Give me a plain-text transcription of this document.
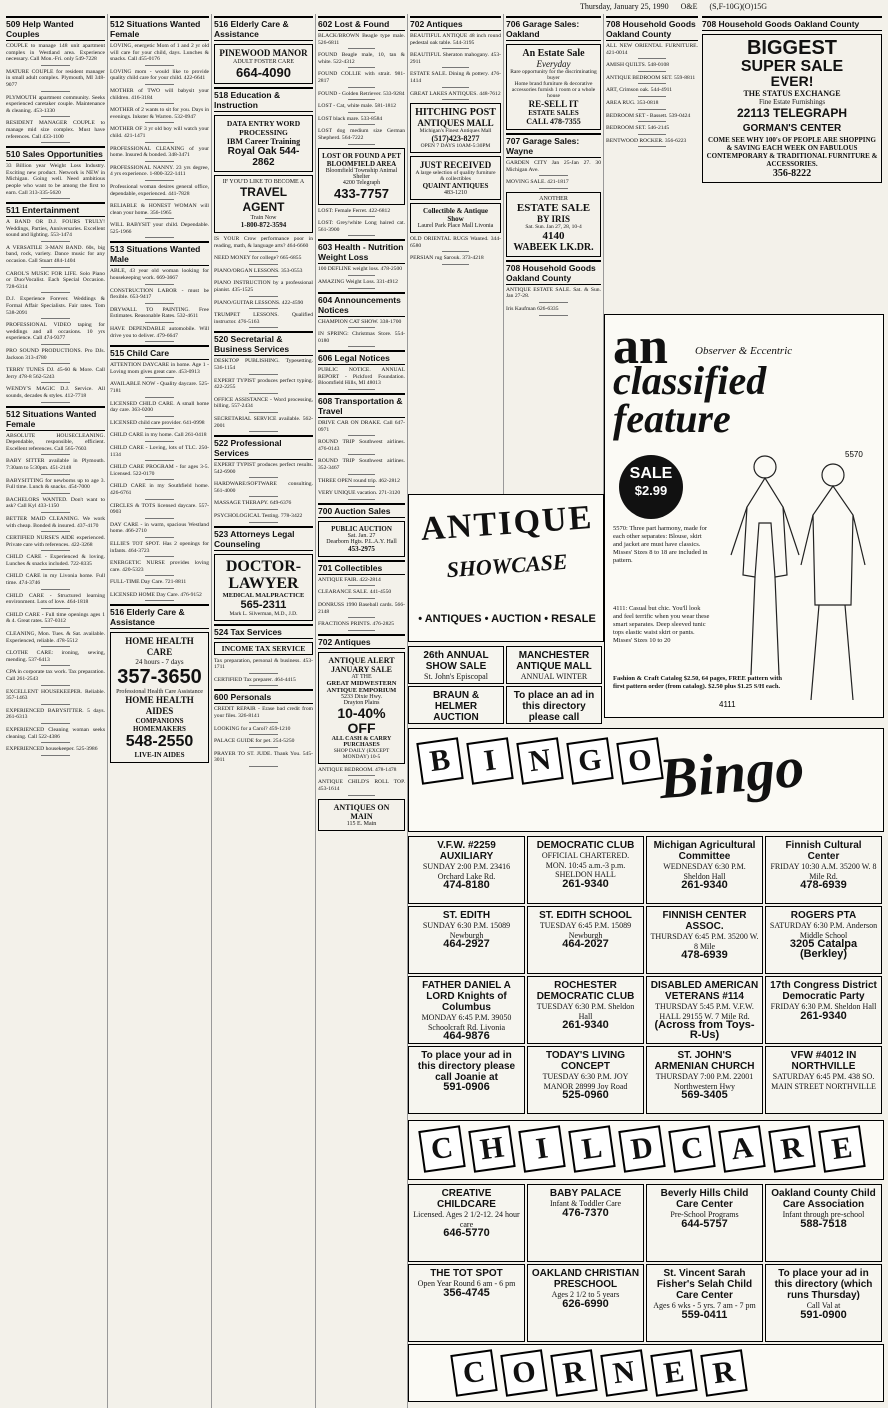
Thursday, January 25, 1990 O&E (S,F-10G)(O)15G
509 Help Wanted Couples
COUPLE to manage 148 unit apartment complex in Westland area. Experience necessary. Call Mon.-Fri. only 549-7228
MATURE COUPLE for resident manager in small adult complex. Plymouth, MI 348-9077
PLYMOUTH apartment community. Seeks experienced caretaker couple. Maintenance & cleaning. 453-1330
RESIDENT MANAGER COUPLE to manage mid size complex. Must have references. Call 433-1100
510 Sales Opportunities
33 Billion year Weight Loss Industry. Exciting new product. Network is NEW in Michigan. Going well. Need ambitious people who want to be among the first to earn. Call 313-335-5620
511 Entertainment
A BAND OR D.J. FOURS TRULY! Weddings, Parties, Anniversaries. Excellent sound and lighting. 553-1474
A VERSATILE 3-MAN BAND. 60s, big band, rock, variety. Dance music for any occasion. Call Stuart 484-1404
CAROL'S MUSIC FOR LIFE. Solo Piano or Duo/Vocalist. Each Special Occasion. 728-6314
D.J. Experience Forever. Weddings & Formal Affair Specialists. Fair rates. Tom 538-2091
PROFESSIONAL VIDEO taping for weddings and all occasions. 10 yrs experience. Call 474-9377
PRO SOUND PRODUCTIONS. Pro DJs. Jackson 313-4780
TERRY TUNES DJ. 45-60 & More. Call Jerry 478-8 562-5243
WENDY'S MAGIC D.J. Service. All sounds, decades & styles. 412-7718
512 Situations Wanted Female
ABSOLUTE HOUSECLEANING. Dependable, responsible, efficient. Excellent references. Call 565-7603
BABY SITTER available in Plymouth. 7:30am to 5:30pm. 451-2148
BABYSITTING for newborns up to age 3. Full time. Lunch & snacks. 454-7000
BACHELORS WANTED. Don't want to ask? Call Kyl 433-1150
BETTER MAID CLEANING. We work with cheap. Bonded & insured. 437-4170
CERTIFIED NURSE'S AIDE experienced. Private care with references. 422-3268
CHILD CARE - Experienced & loving. Lunches & snacks included. 722-8335
CHILD CARE in my Livonia home. Full time. 474-3746
CHILD CARE - Structured learning environment. Lots of love. 464-1818
CHILD CARE - Full time openings ages 1 & 4. Great rates. 537-0312
CLEANING, Mon. Tues. & Sat. available. Experienced, reliable. 478-5512
CLOTHE CARE: ironing, sewing, mending. 537-6413
CPA in corporate tax work. Tax preparation. Call 261-2543
EXCELLENT HOUSEKEEPER. Reliable. 357-1463
EXPERIENCED BABYSITTER. 5 days. 261-6313
EXPERIENCED Cleaning woman seeks cleaning. Call 522-4386
EXPERIENCED housekeeper. 525-3986
512 Situations Wanted Female
LOVING, energetic Mom of 1 and 2 yr old will care for your child, days. Lunches & snacks. Call 455-0176
LOVING mom - would like to provide quality child care for your child. 422-6641
MOTHER of TWO will babysit your children. 416-3184
MOTHER of 2 wants to sit for you. Days in evenings. Inkster & Warren. 532-0947
MOTHER OF 3 yr old boy will watch your child. 421-1471
PROFESSIONAL CLEANING of your home. Insured & bonded. 348-3471
PROFESSIONAL NANNY. 23 yrs degree, 4 yrs experience. 1-800-322-1411
Professional woman desires general office, dependable, experienced. 441-7828
RELIABLE & HONEST WOMAN will clean your home. 356-1965
WILL BABYSIT your child. Dependable. 525-1966
513 Situations Wanted Male
ABLE, 43 year old woman looking for housekeeping work. 669-3667
CONSTRUCTION LABOR - must be flexible. 653-9417
DRYWALL TO PAINTING. Free Estimates. Reasonable Rates. 532-4611
HAVE DEPENDABLE automobile. Will drive you to deliver. 479-6647
515 Child Care
ATTENTION DAYCARE in home. Age 1 - Loving mom gives great care. 453-0913
AVAILABLE NOW - Quality daycare. 525-7181
LICENSED CHILD CARE. A small home day care. 363-0200
LICENSED child care provider. 641-0998
CHILD CARE in my home. Call 261-0418
CHILD CARE - Loving, lots of TLC. 250-1134
CHILD CARE PROGRAM - for ages 3-5. Licensed. 522-0170
CHILD CARE in my Southfield home. 426-6761
CIRCLES & TOTS licensed daycare. 557-0903
DAY CARE - in warm, spacious Westland home. 466-2710
ELLIE'S TOT SPOT. Has 2 openings for infants. 464-3723
ENERGETIC NURSE provides loving care. 420-5323
FULL-TIME Day Care. 721-8811
LICENSED HOME Day Care. 476-9152
516 Elderly Care & Assistance
HOME HEALTH CARE
24 hours - 7 days
357-3650
Professional Health Care Assistance
HOME HEALTH AIDES
COMPANIONS HOMEMAKERS
548-2550
LIVE-IN AIDES
516 Elderly Care & Assistance
PINEWOOD MANOR
ADULT FOSTER CARE
664-4090
518 Education & Instruction
DATA ENTRY WORD PROCESSING
IBM Career Training
Royal Oak 544-2862
IF YOU'D LIKE TO BECOME A
TRAVEL AGENT
Train Now
1-800-872-3594
IS YOUR Crow performance poor in reading, math, & language arts? 464-6660
NEED MONEY for college? 665-6855
PIANO/ORGAN LESSONS. 353-0553
PIANO INSTRUCTION by a professional pianist. 435-1525
PIANO/GUITAR LESSONS. 422-4590
TRUMPET LESSONS. Qualified instructor. 476-5163
520 Secretarial & Business Services
DESKTOP PUBLISHING. Typesetting. 536-1154
EXPERT TYPIST produces perfect typing. 422-2255
OFFICE ASSISTANCE - Word processing, billing. 557-2434
SECRETARIAL SERVICE available. 562-2001
522 Professional Services
EXPERT TYPIST produces perfect results. 542-6900
HARDWARE/SOFTWARE consulting. 561-4000
MASSAGE THERAPY. 649-6376
PSYCHOLOGICAL Testing. 778-3422
523 Attorneys Legal Counseling
DOCTOR-LAWYER
MEDICAL MALPRACTICE
565-2311
Mark L. Silverman, M.D., J.D.
524 Tax Services
INCOME TAX SERVICE
Tax preparation, personal & business. 453-1711
CERTIFIED Tax preparer. 464-4415
600 Personals
CREDIT REPAIR - Erase bad credit from your files. 326-8141
LOOKING for a Carol? 459-1210
PALACE GUIDE for pet. 254-5250
PRAYER TO ST. JUDE. Thank You. 545-3011
602 Lost & Found
BLACK/BROWN Beagle type male. 526-6811
FOUND Beagle male, 10, tan & white. 522-4312
FOUND COLLIE with strait. 981-2817
FOUND - Golden Retriever. 533-9284
LOST - Cat, white male. 581-1812
LOST black mare. 533-8584
LOST dog medium size German Shepherd. 564-7222
LOST OR FOUND A PET
BLOOMFIELD AREA
Bloomfield Township Animal Shelter
4200 Telegraph
433-7757
LOST: Female Ferret. 422-6812
LOST: Grey/white Long haired cat. 561-3900
603 Health - Nutrition Weight Loss
100 DEFLINE weight loss. 478-2500
AMAZING Weight Loss. 331-4912
604 Announcements Notices
CHAMPION CAT SHOW. 338-1700
IN SPRING: Christmas Store. 554-0180
606 Legal Notices
PUBLIC NOTICE. ANNUAL REPORT - Pickford Foundation. Bloomfield Hills, MI 48013
608 Transportation & Travel
DRIVE CAR ON DRAKE. Call 647-0971
ROUND TRIP Southwest airlines. 476-0143
ROUND TRIP Southwest airlines. 352-3467
THREE OPEN round trip. 462-2812
VERY UNIQUE vacation. 271-3120
700 Auction Sales
PUBLIC AUCTION
Sat. Jan. 27
Dearborn Hgts. P.L.A.Y. Hall
453-2975
701 Collectibles
ANTIQUE FAIR. 422-2814
CLEARANCE SALE. 441-4550
DONRUSS 1990 Baseball cards. 566-2148
FRACTIONS PRINTS. 476-2825
702 Antiques
ANTIQUE ALERT
JANUARY SALE
AT THE
GREAT MIDWESTERN ANTIQUE EMPORIUM
5233 Dixie Hwy.
Drayton Plains
10-40% OFF
ALL CASH & CARRY PURCHASES
SHOP DAILY (EXCEPT MONDAY) 10-5
ANTIQUE BEDROOM. 478-1478
ANTIQUE CHILD'S ROLL TOP. 453-1614
ANTIQUES ON MAIN
115 E. Main
702 Antiques
BEAUTIFUL ANTIQUE 48 inch round pedestal oak table. 544-3195
BEAUTIFUL Sheraton mahogany. 453-2911
ESTATE SALE. Dining & pottery. 476-1414
GREAT LAKES ANTIQUES. 448-7612
HITCHING POST
ANTIQUES MALL
Michigan's Finest Antiques Mall
(517)423-8277
OPEN 7 DAYS 10AM-5:30PM
JUST RECEIVED
A large selection of quality furniture & collectibles
QUAINT ANTIQUES
483-1210
Collectible & Antique Show
Laurel Park Place Mall Livonia
OLD ORIENTAL RUGS Wanted. 344-6580
PERSIAN rug Sarouk. 373-4218
706 Garage Sales: Oakland
An Estate Sale
Everyday
Rare opportunity for the discriminating buyer
Home brand furniture & decorative accessories furnish 1 room or a whole house
RE-SELL IT
ESTATE SALES
CALL 478-7355
707 Garage Sales: Wayne
GARDEN CITY Jan 25-Jan 27. 30 Michigan Ave.
MOVING SALE. 421-1817
ANOTHER
ESTATE SALE
BY IRIS
Sat. Sun. Jan 27, 28, 10-4
4140
WABEEK LK.DR.
708 Household Goods Oakland County
ANTIQUE ESTATE SALE. Sat. & Sun. Jan 27-28.
Iris Kaufman 626-6335
708 Household Goods Oakland County
ALL NEW ORIENTAL FURNITURE. 421-0014
AMISH QUILTS. 548-0108
ANTIQUE BEDROOM SET. 559-8811
ART, Crimson oak. 544-4911
AREA RUG. 353-0818
BEDROOM SET - Bassett. 539-0424
BEDROOM SET. 546-2145
BENTWOOD ROCKER. 356-6223
708 Household Goods Oakland County
BIGGEST
SUPER SALE
EVER!
THE STATUS EXCHANGE
Fine Estate Furnishings
22113 TELEGRAPH
GORMAN'S CENTER
COME SEE WHY 100's OF PEOPLE ARE SHOPPING & SAVING EACH WEEK ON FABULOUS CONTEMPORARY & TRADITIONAL FURNITURE & ACCESSORIES.
356-8222
an Observer & Eccentric
classified
feature
SALE
$2.99
5570: Three part harmony, made for each other separates: Blouse, skirt and jacket are must have classics. Misses' Sizes 8 to 18 are included in pattern.
4111: Casual but chic. You'll look and feel terrific when you wear these smart separates. Deep sleeved tunic tops elastic waist skirt or pants. Misses' Sizes 10 to 20
Fashion & Craft Catalog $2.50, 64 pages, FREE pattern with first pattern order (from catalog). $2.50 plus $1.25 S/H each.
5570
4111
ANTIQUE
SHOWCASE
• ANTIQUES • AUCTION • RESALE
26th ANNUAL SHOW SALE
St. John's Episcopal
MANCHESTER ANTIQUE MALL
ANNUAL WINTER
BRAUN & HELMER AUCTION
To place an ad in this directory please call
B I N G O Bingo
V.F.W. #2259 AUXILIARY
SUNDAY 2:00 P.M. 23416 Orchard Lake Rd.
474-8180
DEMOCRATIC CLUB
OFFICIAL CHARTERED. MON. 10:45 a.m.-3 p.m. SHELDON HALL
261-9340
Michigan Agricultural Committee
WEDNESDAY 6:30 P.M. Sheldon Hall
261-9340
Finnish Cultural Center
FRIDAY 10:30 A.M. 35200 W. 8 Mile Rd.
478-6939
ST. EDITH
SUNDAY 6:30 P.M. 15089 Newburgh
464-2927
ST. EDITH SCHOOL
TUESDAY 6:45 P.M. 15089 Newburgh
464-2027
FINNISH CENTER ASSOC.
THURSDAY 6:45 P.M. 35200 W. 8 Mile
478-6939
ROGERS PTA
SATURDAY 6:30 P.M. Anderson Middle School
3205 Catalpa (Berkley)
FATHER DANIEL A LORD Knights of Columbus
MONDAY 6:45 P.M. 39050 Schoolcraft Rd. Livonia
464-9876
ROCHESTER DEMOCRATIC CLUB
TUESDAY 6:30 P.M. Sheldon Hall
261-9340
DISABLED AMERICAN VETERANS #114
THURSDAY 5:45 P.M. V.F.W. HALL 29155 W. 7 Mile Rd.
(Across from Toys-R-Us)
17th Congress District Democratic Party
FRIDAY 6:30 P.M. Sheldon Hall
261-9340
To place your ad in this directory please call Joanie at
591-0906
TODAY'S LIVING CONCEPT
TUESDAY 6:30 P.M. JOY MANOR 28999 Joy Road
525-0960
ST. JOHN'S ARMENIAN CHURCH
THURSDAY 7:00 P.M. 22001 Northwestern Hwy
569-3405
VFW #4012 IN NORTHVILLE
SATURDAY 6:45 PM. 438 SO. MAIN STREET NORTHVILLE
C H I L D C A R E
CREATIVE CHILDCARE
Licensed. Ages 2 1/2-12. 24 hour care
646-5770
BABY PALACE
Infant & Toddler Care
476-7370
Beverly Hills Child Care Center
Pre-School Programs
644-5757
Oakland County Child Care Association
Infant through pre-school
588-7518
THE TOT SPOT
Open Year Round 6 am - 6 pm
356-4745
OAKLAND CHRISTIAN PRESCHOOL
Ages 2 1/2 to 5 years
626-6990
St. Vincent Sarah Fisher's Selah Child Care Center
Ages 6 wks - 5 yrs. 7 am - 7 pm
559-0411
To place your ad in this directory (which runs Thursday)
Call Val at
591-0900
C O R N E R
